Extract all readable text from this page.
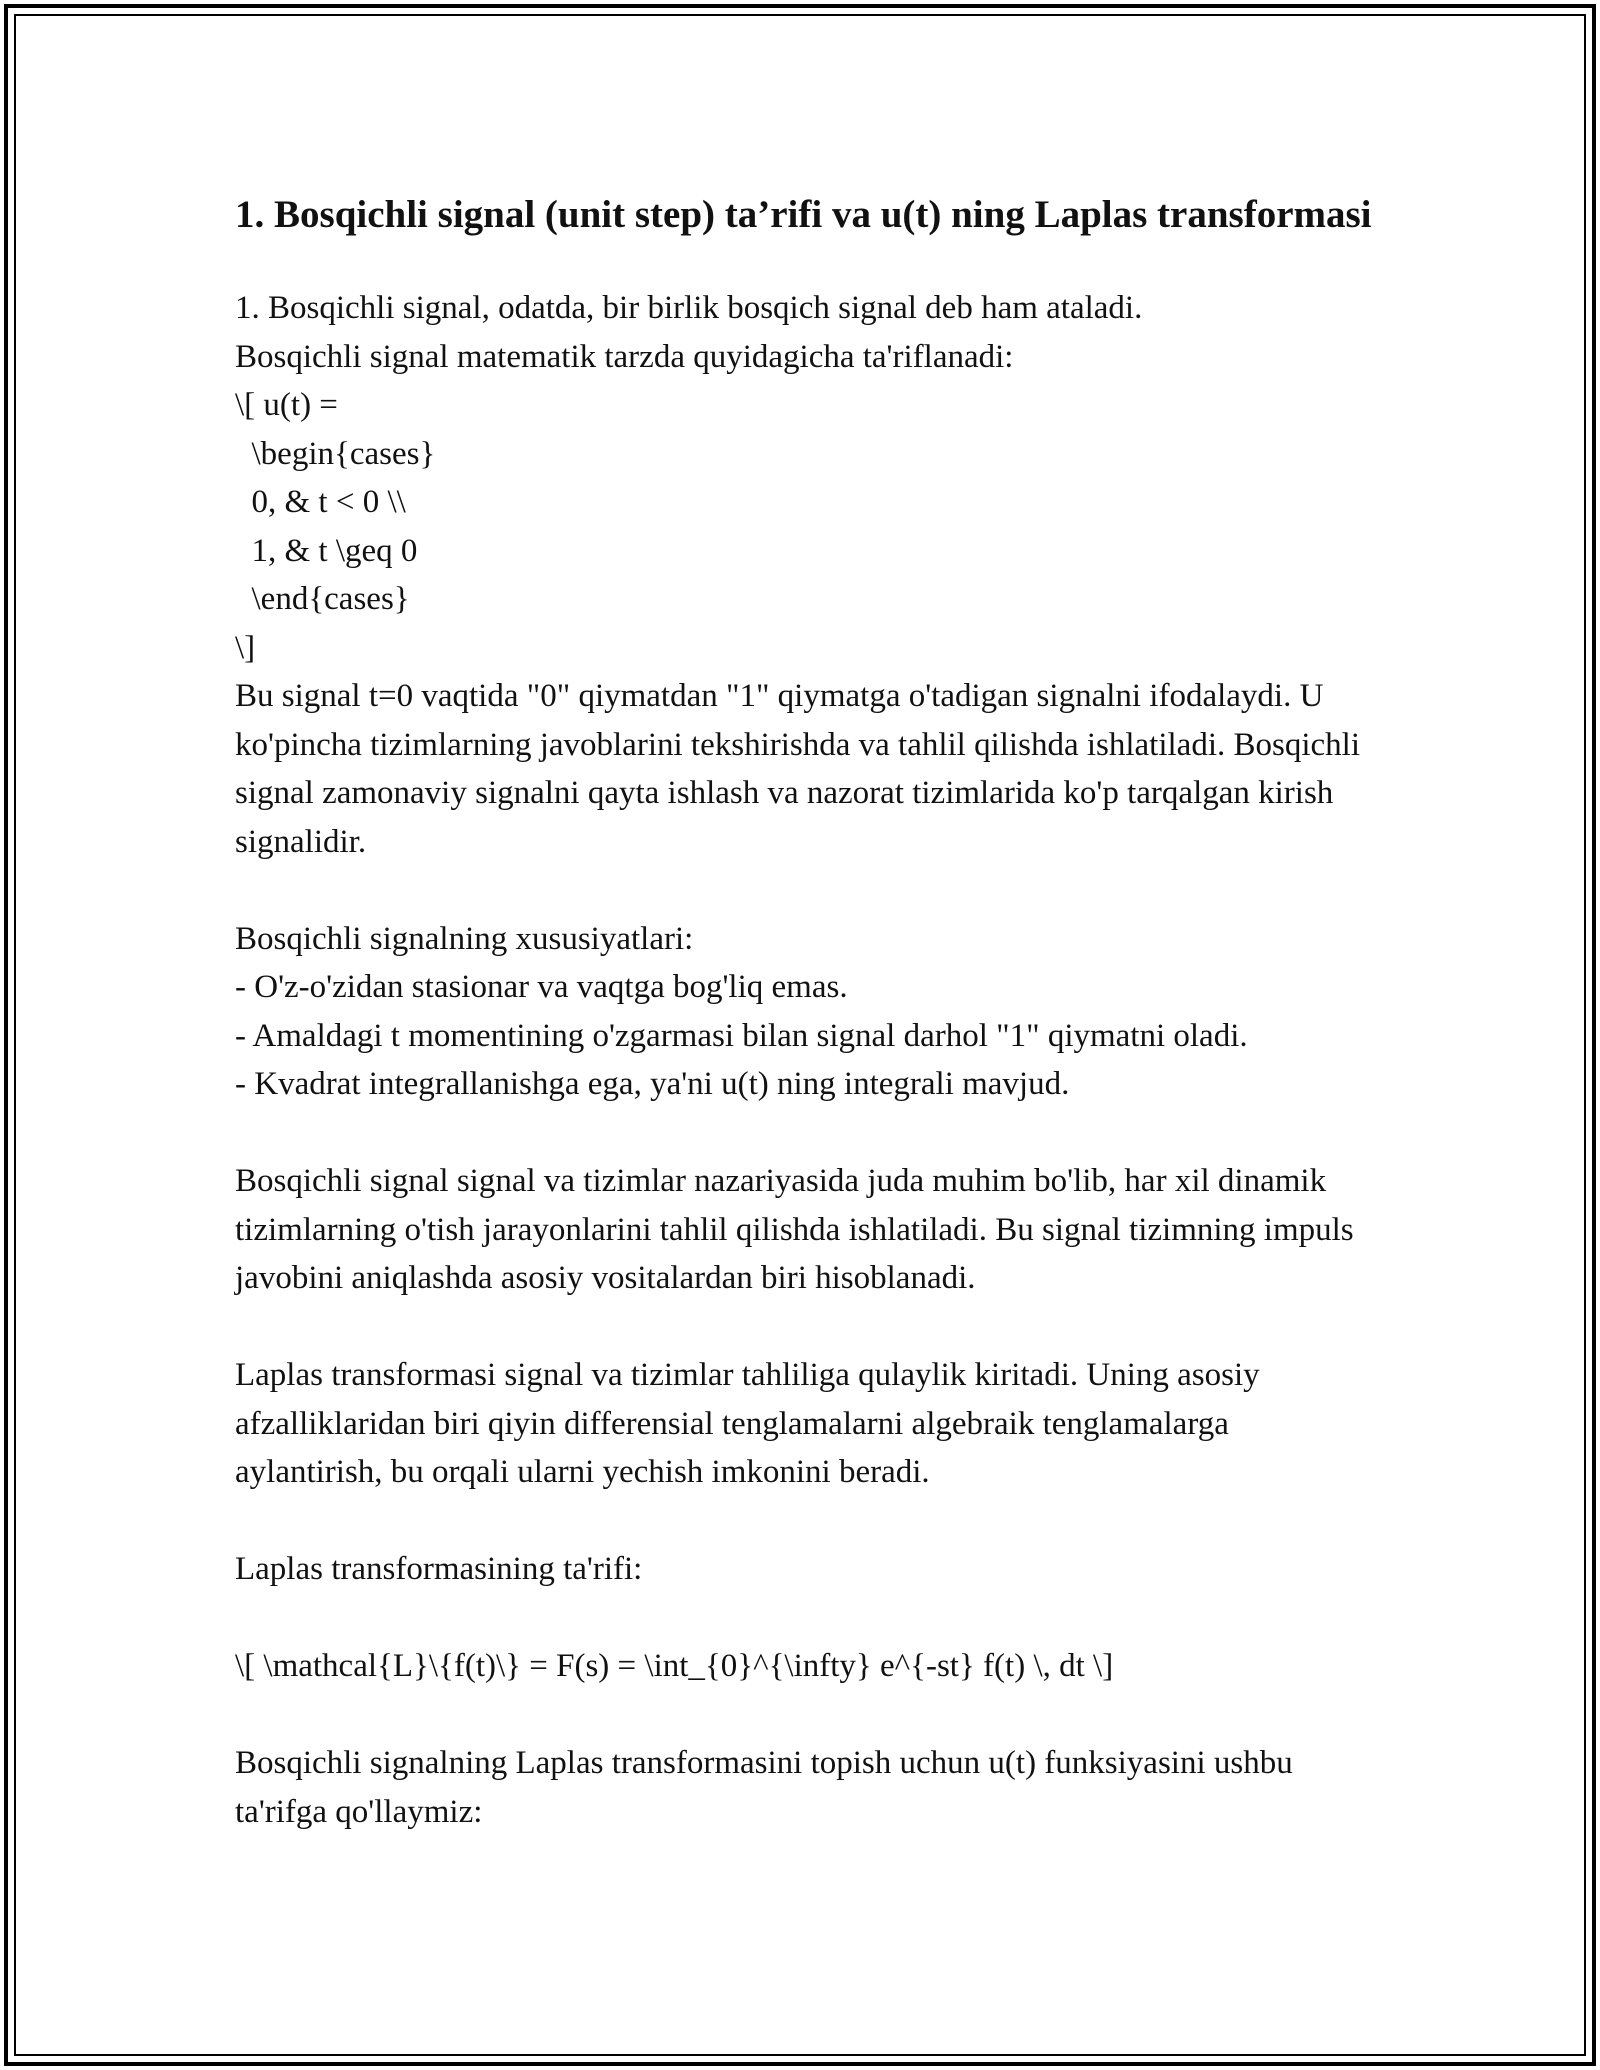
1. Bosqichli signal (unit step) ta’rifi va u(t) ning Laplas transformasi
1. Bosqichli signal, odatda, bir birlik bosqich signal deb ham ataladi.
Bosqichli signal matematik tarzda quyidagicha ta'riflanadi:
\[ u(t) =
\begin{cases}
0, & t < 0 \\
1, & t \geq 0
\end{cases}
\]
Bu signal t=0 vaqtida "0" qiymatdan "1" qiymatga o'tadigan signalni ifodalaydi. U ko'pincha tizimlarning javoblarini tekshirishda va tahlil qilishda ishlatiladi. Bosqichli signal zamonaviy signalni qayta ishlash va nazorat tizimlarida ko'p tarqalgan kirish signalidir.
Bosqichli signalning xususiyatlari:
- O'z-o'zidan stasionar va vaqtga bog'liq emas.
- Amaldagi t momentining o'zgarmasi bilan signal darhol "1" qiymatni oladi.
- Kvadrat integrallanishga ega, ya'ni u(t) ning integrali mavjud.
Bosqichli signal signal va tizimlar nazariyasida juda muhim bo'lib, har xil dinamik tizimlarning o'tish jarayonlarini tahlil qilishda ishlatiladi. Bu signal tizimning impuls javobini aniqlashda asosiy vositalardan biri hisoblanadi.
Laplas transformasi signal va tizimlar tahliliga qulaylik kiritadi. Uning asosiy afzalliklaridan biri qiyin differensial tenglamalarni algebraik tenglamalarga aylantirish, bu orqali ularni yechish imkonini beradi.
Laplas transformasining ta'rifi:
\[ \mathcal{L}\{f(t)\} = F(s) = \int_{0}^{\infty} e^{-st} f(t) \, dt \]
Bosqichli signalning Laplas transformasini topish uchun u(t) funksiyasini ushbu ta'rifga qo'llaymiz:
